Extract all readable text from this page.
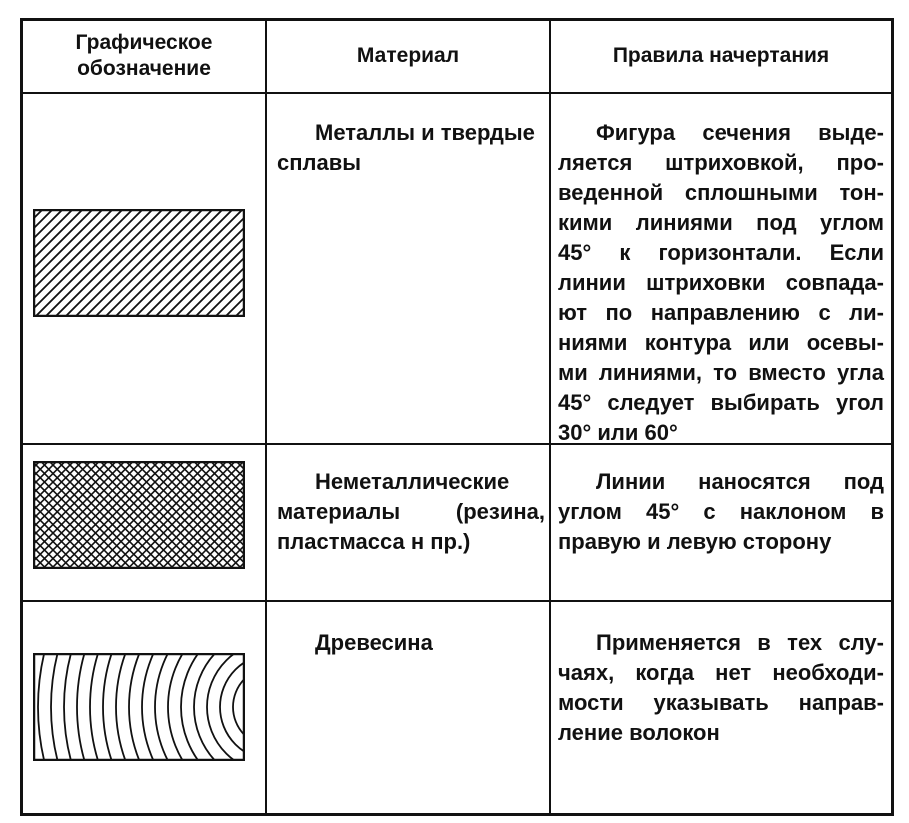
Графическое
обозначение
Материал	Правила начертания
Металлы и твердые
сплавы
Фигура сечения выде-
ляется штриховкой, про-
веденной сплошными тон-
кими линиями под углом
45° к горизонтали. Если
линии штриховки совпада-
ют по направлению с ли-
ниями контура или осевы-
ми линиями, то вместо угла
45° следует выбирать угол
30° или 60°
Неметаллические
материалы (резина,
пластмасса н пр.)
Линии наносятся под
углом 45° с наклоном в
правую и левую сторону
Древесина	Применяется в тех слу-
чаях, когда нет необходи-
мости указывать направ-
ление волокон
